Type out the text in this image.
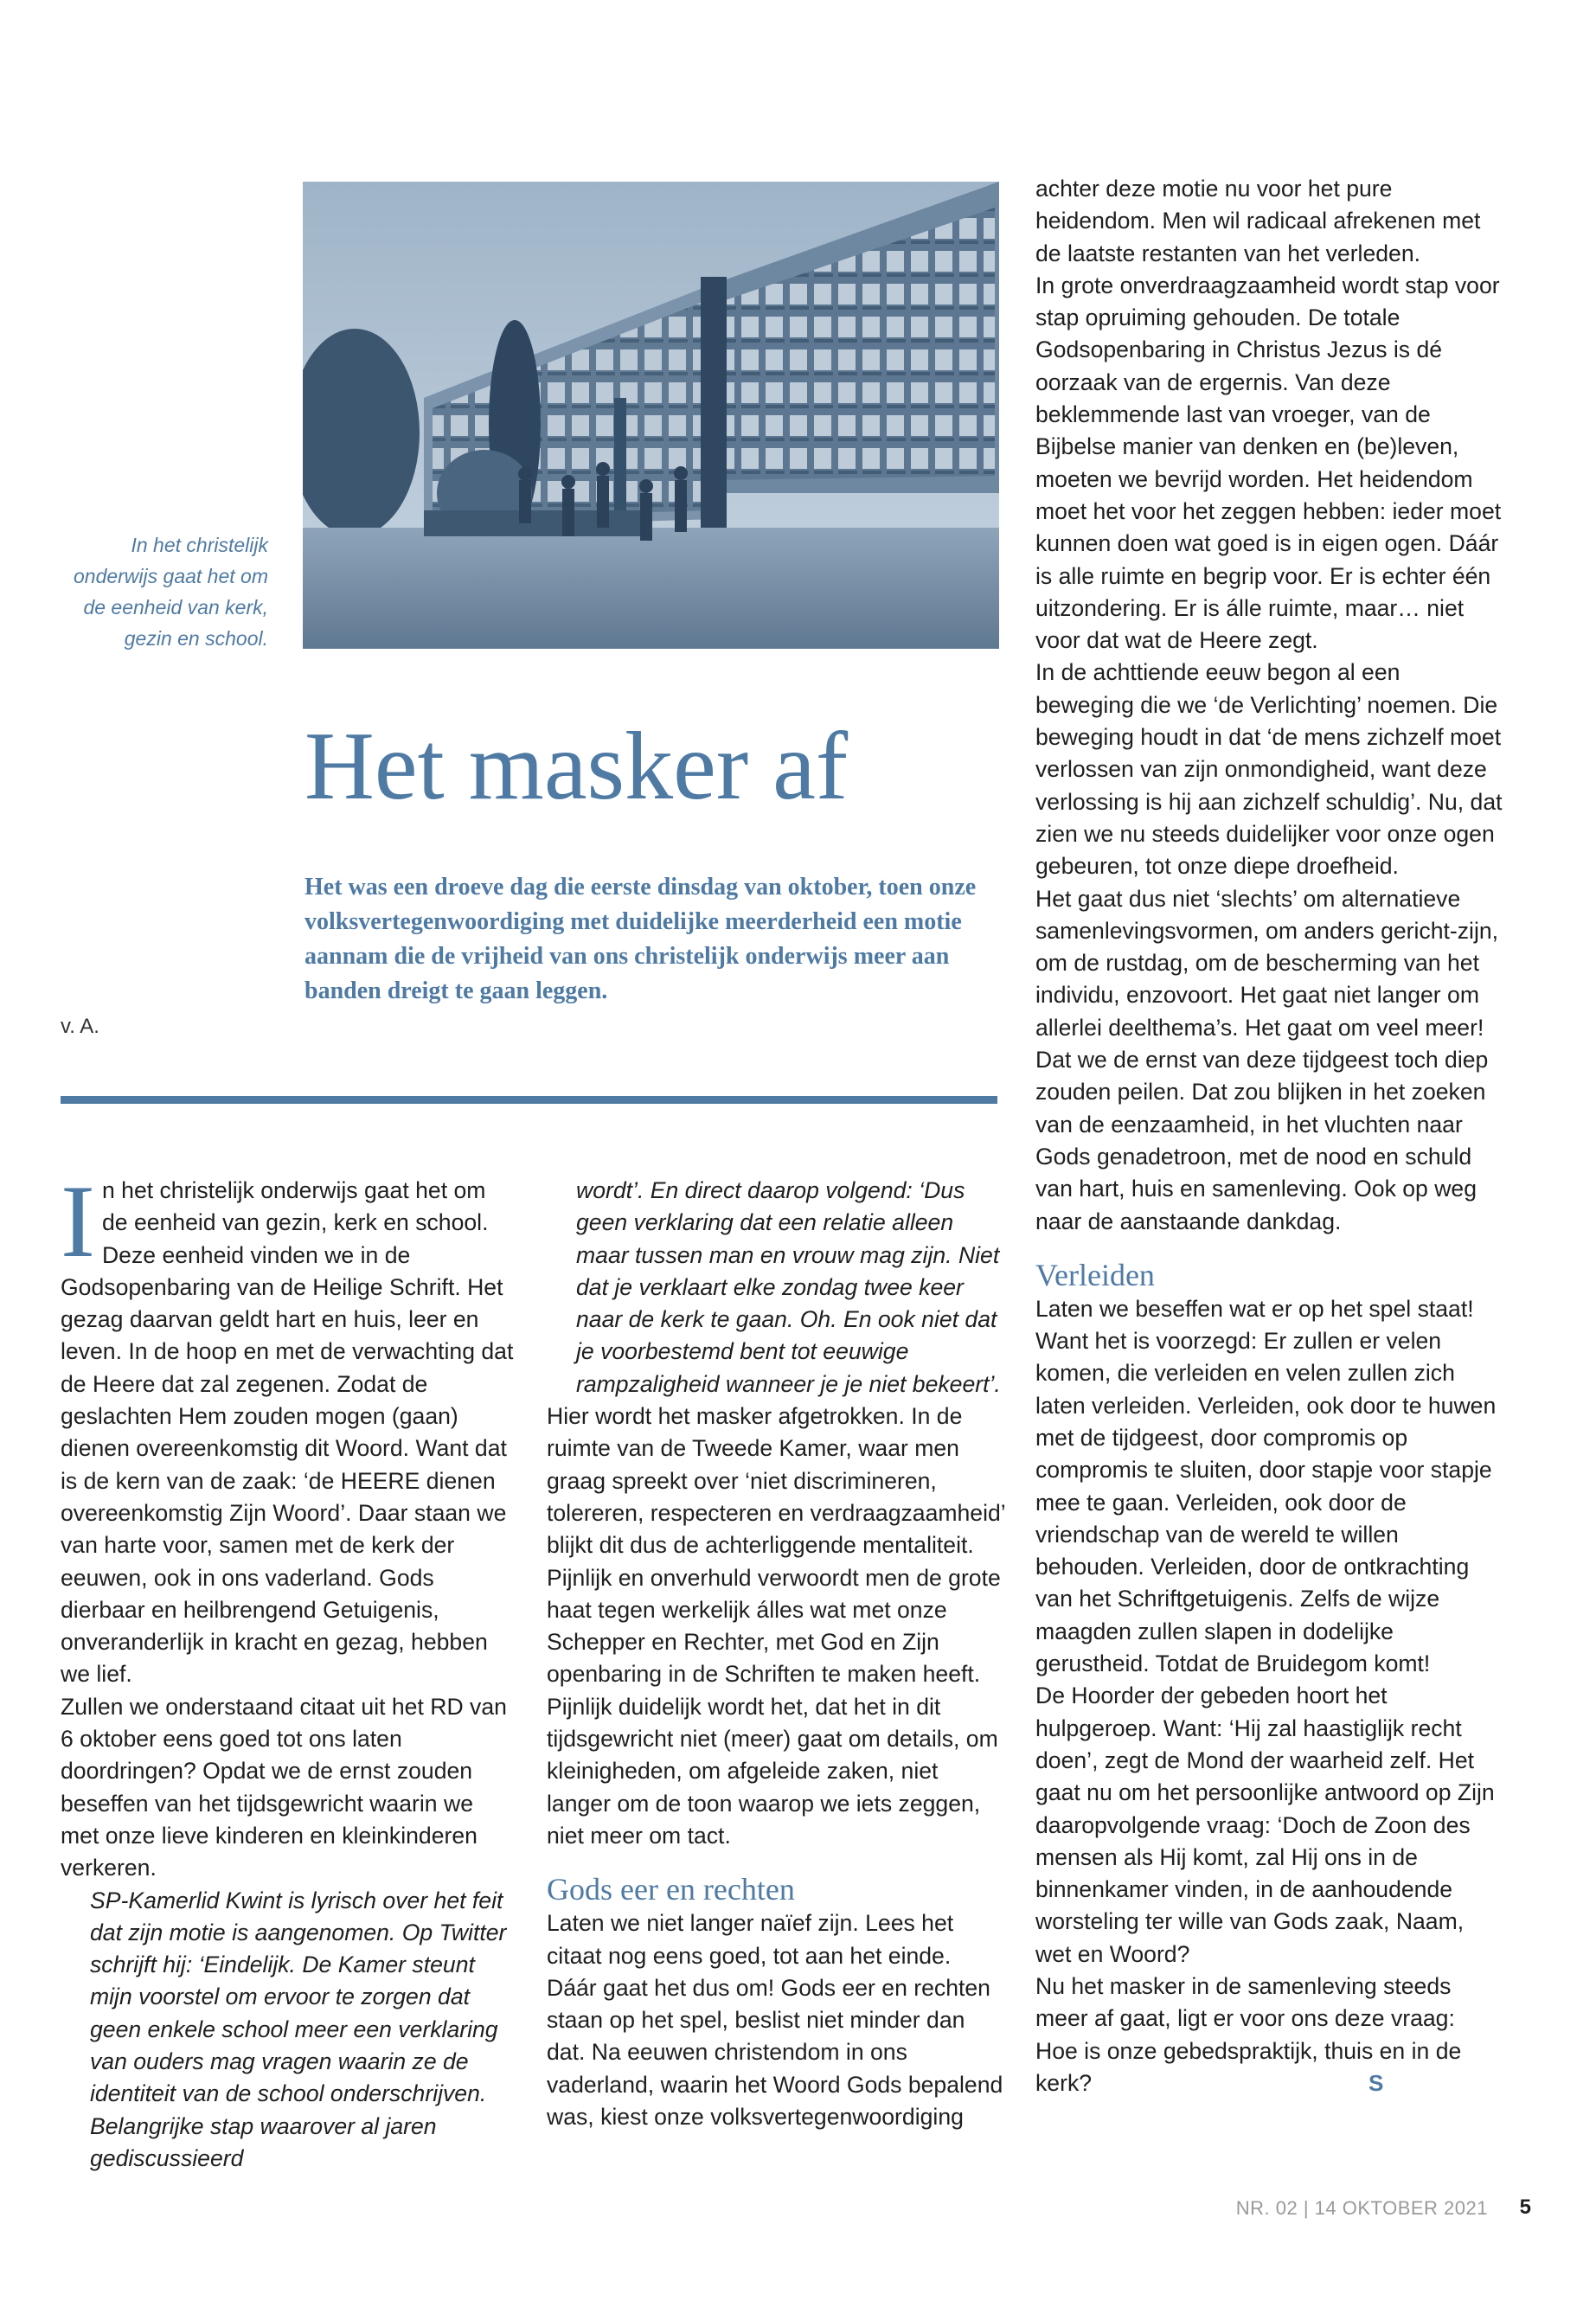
In het christelijk
onderwijs gaat het om
de eenheid van kerk,
gezin en school.
v. A.
Het masker af
Het was een droeve dag die eerste dinsdag van oktober, toen onze volksvertegenwoordiging met duidelijke meerderheid een motie aannam die de vrijheid van ons christelijk onderwijs meer aan banden dreigt te gaan leggen.

In het christelijk onderwijs gaat het om de eenheid van gezin, kerk en school. Deze eenheid vinden we in de Godsopenbaring van de Heilige Schrift. Het gezag daarvan geldt hart en huis, leer en leven. In de hoop en met de verwachting dat de Heere dat zal zegenen. Zodat de geslachten Hem zouden mogen (gaan) dienen overeenkomstig dit Woord. Want dat is de kern van de zaak: ‘de HEERE dienen overeenkomstig Zijn Woord’. Daar staan we van harte voor, samen met de kerk der eeuwen, ook in ons vaderland. Gods dierbaar en heilbrengend Getuigenis, onveranderlijk in kracht en gezag, hebben we lief.

Zullen we onderstaand citaat uit het RD van 6 oktober eens goed tot ons laten doordringen? Opdat we de ernst zouden beseffen van het tijdsgewricht waarin we met onze lieve kinderen en kleinkinderen verkeren.

SP-Kamerlid Kwint is lyrisch over het feit dat zijn motie is aangenomen. Op Twitter schrijft hij: ‘Eindelijk. De Kamer steunt mijn voorstel om ervoor te zorgen dat geen enkele school meer een verklaring van ouders mag vragen waarin ze de identiteit van de school onderschrijven. Belangrijke stap waarover al jaren gediscussieerd

wordt’. En direct daarop volgend: ‘Dus geen verklaring dat een relatie alleen maar tussen man en vrouw mag zijn. Niet dat je verklaart elke zondag twee keer naar de kerk te gaan. Oh. En ook niet dat je voorbestemd bent tot eeuwige rampzaligheid wanneer je je niet bekeert’.

Hier wordt het masker afgetrokken. In de ruimte van de Tweede Kamer, waar men graag spreekt over ‘niet discrimineren, tolereren, respecteren en verdraagzaamheid’ blijkt dit dus de achterliggende mentaliteit. Pijnlijk en onverhuld verwoordt men de grote haat tegen werkelijk álles wat met onze Schepper en Rechter, met God en Zijn openbaring in de Schriften te maken heeft. Pijnlijk duidelijk wordt het, dat het in dit tijdsgewricht niet (meer) gaat om details, om kleinigheden, om afgeleide zaken, niet langer om de toon waarop we iets zeggen, niet meer om tact.

Gods eer en rechten

Laten we niet langer naïef zijn. Lees het citaat nog eens goed, tot aan het einde. Dáár gaat het dus om! Gods eer en rechten staan op het spel, beslist niet minder dan dat. Na eeuwen christendom in ons vaderland, waarin het Woord Gods bepalend was, kiest onze volksvertegenwoordiging

achter deze motie nu voor het pure heidendom. Men wil radicaal afrekenen met de laatste restanten van het verleden.

In grote onverdraagzaamheid wordt stap voor stap opruiming gehouden. De totale Godsopenbaring in Christus Jezus is dé oorzaak van de ergernis. Van deze beklemmende last van vroeger, van de Bijbelse manier van denken en (be)leven, moeten we bevrijd worden. Het heidendom moet het voor het zeggen hebben: ieder moet kunnen doen wat goed is in eigen ogen. Dáár is alle ruimte en begrip voor. Er is echter één uitzondering. Er is álle ruimte, maar… niet voor dat wat de Heere zegt.

In de achttiende eeuw begon al een beweging die we ‘de Verlichting’ noemen. Die beweging houdt in dat ‘de mens zichzelf moet verlossen van zijn onmondigheid, want deze verlossing is hij aan zichzelf schuldig’. Nu, dat zien we nu steeds duidelijker voor onze ogen gebeuren, tot onze diepe droefheid.

Het gaat dus niet ‘slechts’ om alternatieve samenlevingsvormen, om anders gericht-zijn, om de rustdag, om de bescherming van het individu, enzovoort. Het gaat niet langer om allerlei deelthema’s. Het gaat om veel meer!

Dat we de ernst van deze tijdgeest toch diep zouden peilen. Dat zou blijken in het zoeken van de eenzaamheid, in het vluchten naar Gods genadetroon, met de nood en schuld van hart, huis en samenleving. Ook op weg naar de aanstaande dankdag.

Verleiden

Laten we beseffen wat er op het spel staat! Want het is voorzegd: Er zullen er velen komen, die verleiden en velen zullen zich laten verleiden. Verleiden, ook door te huwen met de tijdgeest, door compromis op compromis te sluiten, door stapje voor stapje mee te gaan. Verleiden, ook door de vriendschap van de wereld te willen behouden. Verleiden, door de ontkrachting van het Schriftgetuigenis. Zelfs de wijze maagden zullen slapen in dodelijke gerustheid. Totdat de Bruidegom komt!

De Hoorder der gebeden hoort het hulpgeroep. Want: ‘Hij zal haastiglijk recht doen’, zegt de Mond der waarheid zelf. Het gaat nu om het persoonlijke antwoord op Zijn daaropvolgende vraag: ‘Doch de Zoon des mensen als Hij komt, zal Hij ons in de binnenkamer vinden, in de aanhoudende worsteling ter wille van Gods zaak, Naam, wet en Woord?

Nu het masker in de samenleving steeds meer af gaat, ligt er voor ons deze vraag: Hoe is onze gebedspraktijk, thuis en in de kerk?	S

NR. 02 | 14 OKTOBER 2021 5
